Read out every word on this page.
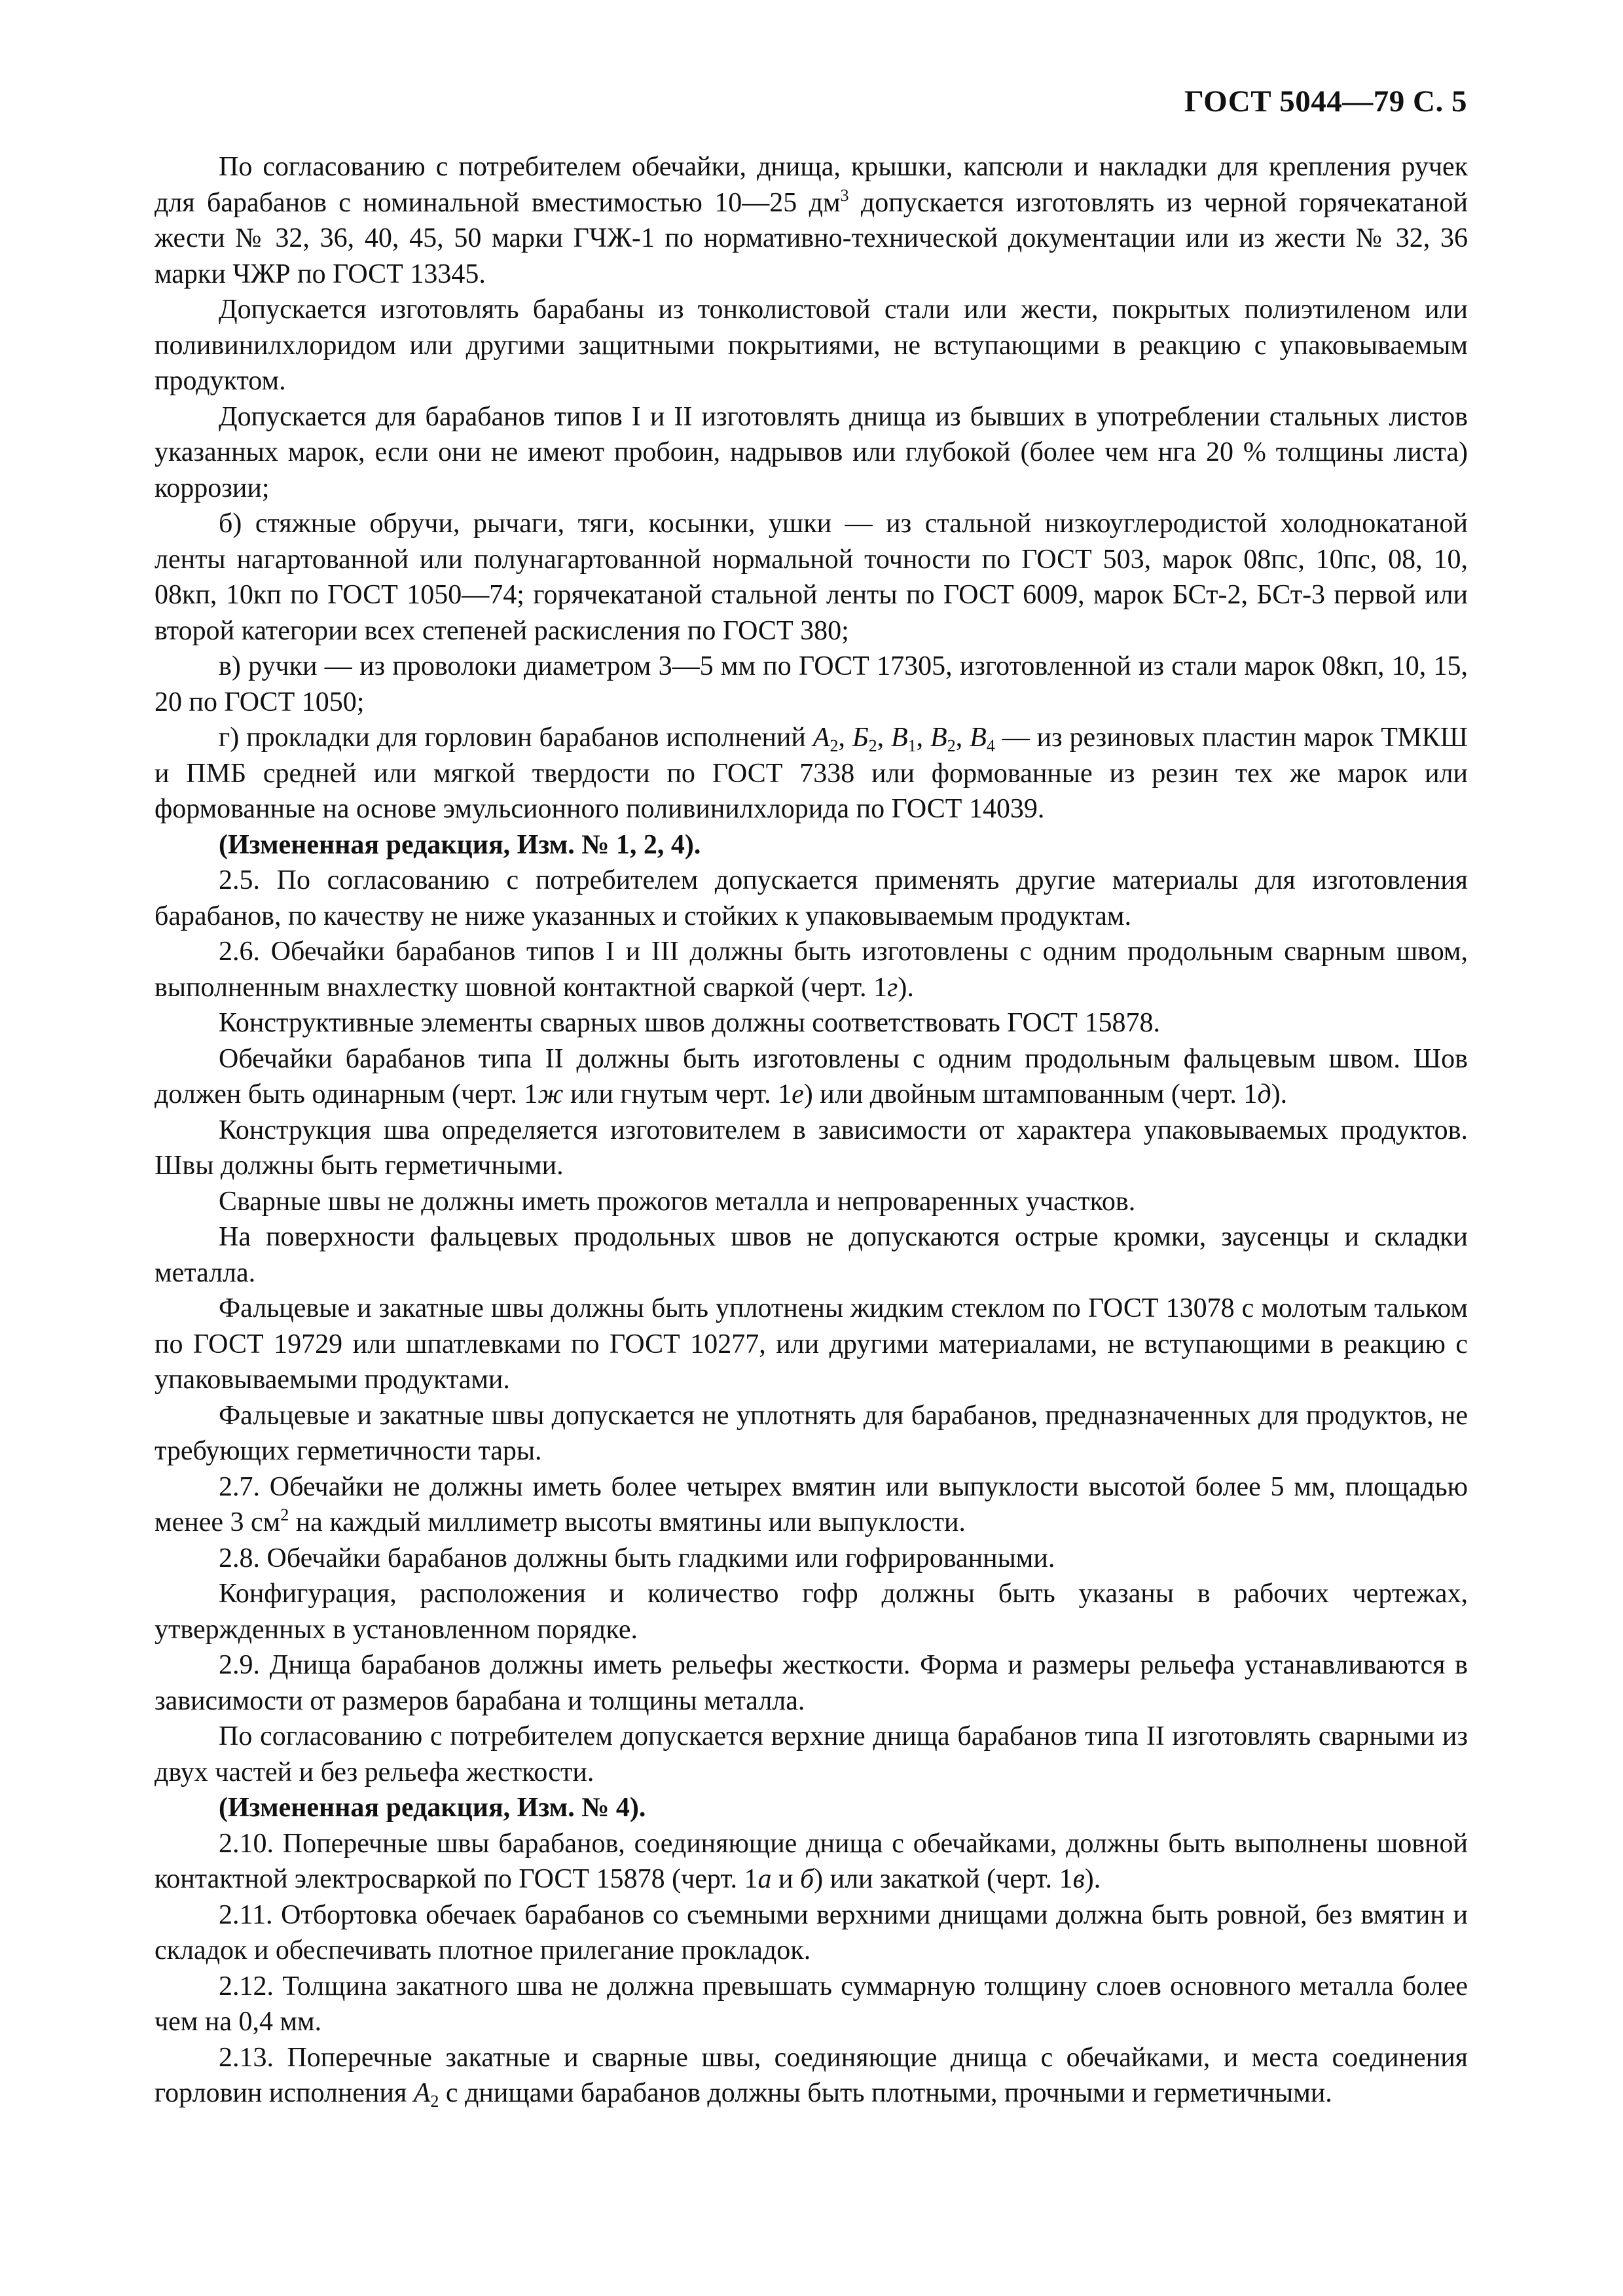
ГОСТ 5044—79 С. 5

По согласованию с потребителем обечайки, днища, крышки, капсюли и накладки для крепления ручек для барабанов с номинальной вместимостью 10—25 $дм^3$ допускается изготовлять из черной горячекатаной жести № 32, 36, 40, 45, 50 марки ГЧЖ-1 по нормативно-технической документации или из жести № 32, 36 марки ЧЖР по ГОСТ 13345.

Допускается изготовлять барабаны из тонколистовой стали или жести, покрытых полиэтиленом или поливинилхлоридом или другими защитными покрытиями, не вступающими в реакцию с упаковываемым продуктом.

Допускается для барабанов типов I и II изготовлять днища из бывших в употреблении стальных листов указанных марок, если они не имеют пробоин, надрывов или глубокой (более чем нга 20 % толщины листа) коррозии;

б) стяжные обручи, рычаги, тяги, косынки, ушки — из стальной низкоуглеродистой холоднокатаной ленты нагартованной или полунагартованной нормальной точности по ГОСТ 503, марок 08пс, 10пс, 08, 10, 08кп, 10кп по ГОСТ 1050—74; горячекатаной стальной ленты по ГОСТ 6009, марок БСт-2, БСт-3 первой или второй категории всех степеней раскисления по ГОСТ 380;

в) ручки — из проволоки диаметром 3—5 мм по ГОСТ 17305, изготовленной из стали марок 08кп, 10, 15, 20 по ГОСТ 1050;

г) прокладки для горловин барабанов исполнений $А_2$, $Б_2$, $В_1$, $В_2$, $В_4$ — из резиновых пластин марок ТМКШ и ПМБ средней или мягкой твердости по ГОСТ 7338 или формованные из резин тех же марок или формованные на основе эмульсионного поливинилхлорида по ГОСТ 14039.

(Измененная редакция, Изм. № 1, 2, 4).

2.5. По согласованию с потребителем допускается применять другие материалы для изготовления барабанов, по качеству не ниже указанных и стойких к упаковываемым продуктам.

2.6. Обечайки барабанов типов I и III должны быть изготовлены с одним продольным сварным швом, выполненным внахлестку шовной контактной сваркой (черт. 1г).

Конструктивные элементы сварных швов должны соответствовать ГОСТ 15878.

Обечайки барабанов типа II должны быть изготовлены с одним продольным фальцевым швом. Шов должен быть одинарным (черт. 1ж или гнутым черт. 1е) или двойным штампованным (черт. 1д).

Конструкция шва определяется изготовителем в зависимости от характера упаковываемых продуктов. Швы должны быть герметичными.

Сварные швы не должны иметь прожогов металла и непроваренных участков.

На поверхности фальцевых продольных швов не допускаются острые кромки, заусенцы и складки металла.

Фальцевые и закатные швы должны быть уплотнены жидким стеклом по ГОСТ 13078 с молотым тальком по ГОСТ 19729 или шпатлевками по ГОСТ 10277, или другими материалами, не вступающими в реакцию с упаковываемыми продуктами.

Фальцевые и закатные швы допускается не уплотнять для барабанов, предназначенных для продуктов, не требующих герметичности тары.

2.7. Обечайки не должны иметь более четырех вмятин или выпуклости высотой более 5 мм, площадью менее 3 $см^2$ на каждый миллиметр высоты вмятины или выпуклости.

2.8. Обечайки барабанов должны быть гладкими или гофрированными.

Конфигурация, расположения и количество гофр должны быть указаны в рабочих чертежах, утвержденных в установленном порядке.

2.9. Днища барабанов должны иметь рельефы жесткости. Форма и размеры рельефа устанавливаются в зависимости от размеров барабана и толщины металла.

По согласованию с потребителем допускается верхние днища барабанов типа II изготовлять сварными из двух частей и без рельефа жесткости.

(Измененная редакция, Изм. № 4).

2.10. Поперечные швы барабанов, соединяющие днища с обечайками, должны быть выполнены шовной контактной электросваркой по ГОСТ 15878 (черт. 1а и б) или закаткой (черт. 1в).

2.11. Отбортовка обечаек барабанов со съемными верхними днищами должна быть ровной, без вмятин и складок и обеспечивать плотное прилегание прокладок.

2.12. Толщина закатного шва не должна превышать суммарную толщину слоев основного металла более чем на 0,4 мм.

2.13. Поперечные закатные и сварные швы, соединяющие днища с обечайками, и места соединения горловин исполнения $А_2$ с днищами барабанов должны быть плотными, прочными и герметичными.
